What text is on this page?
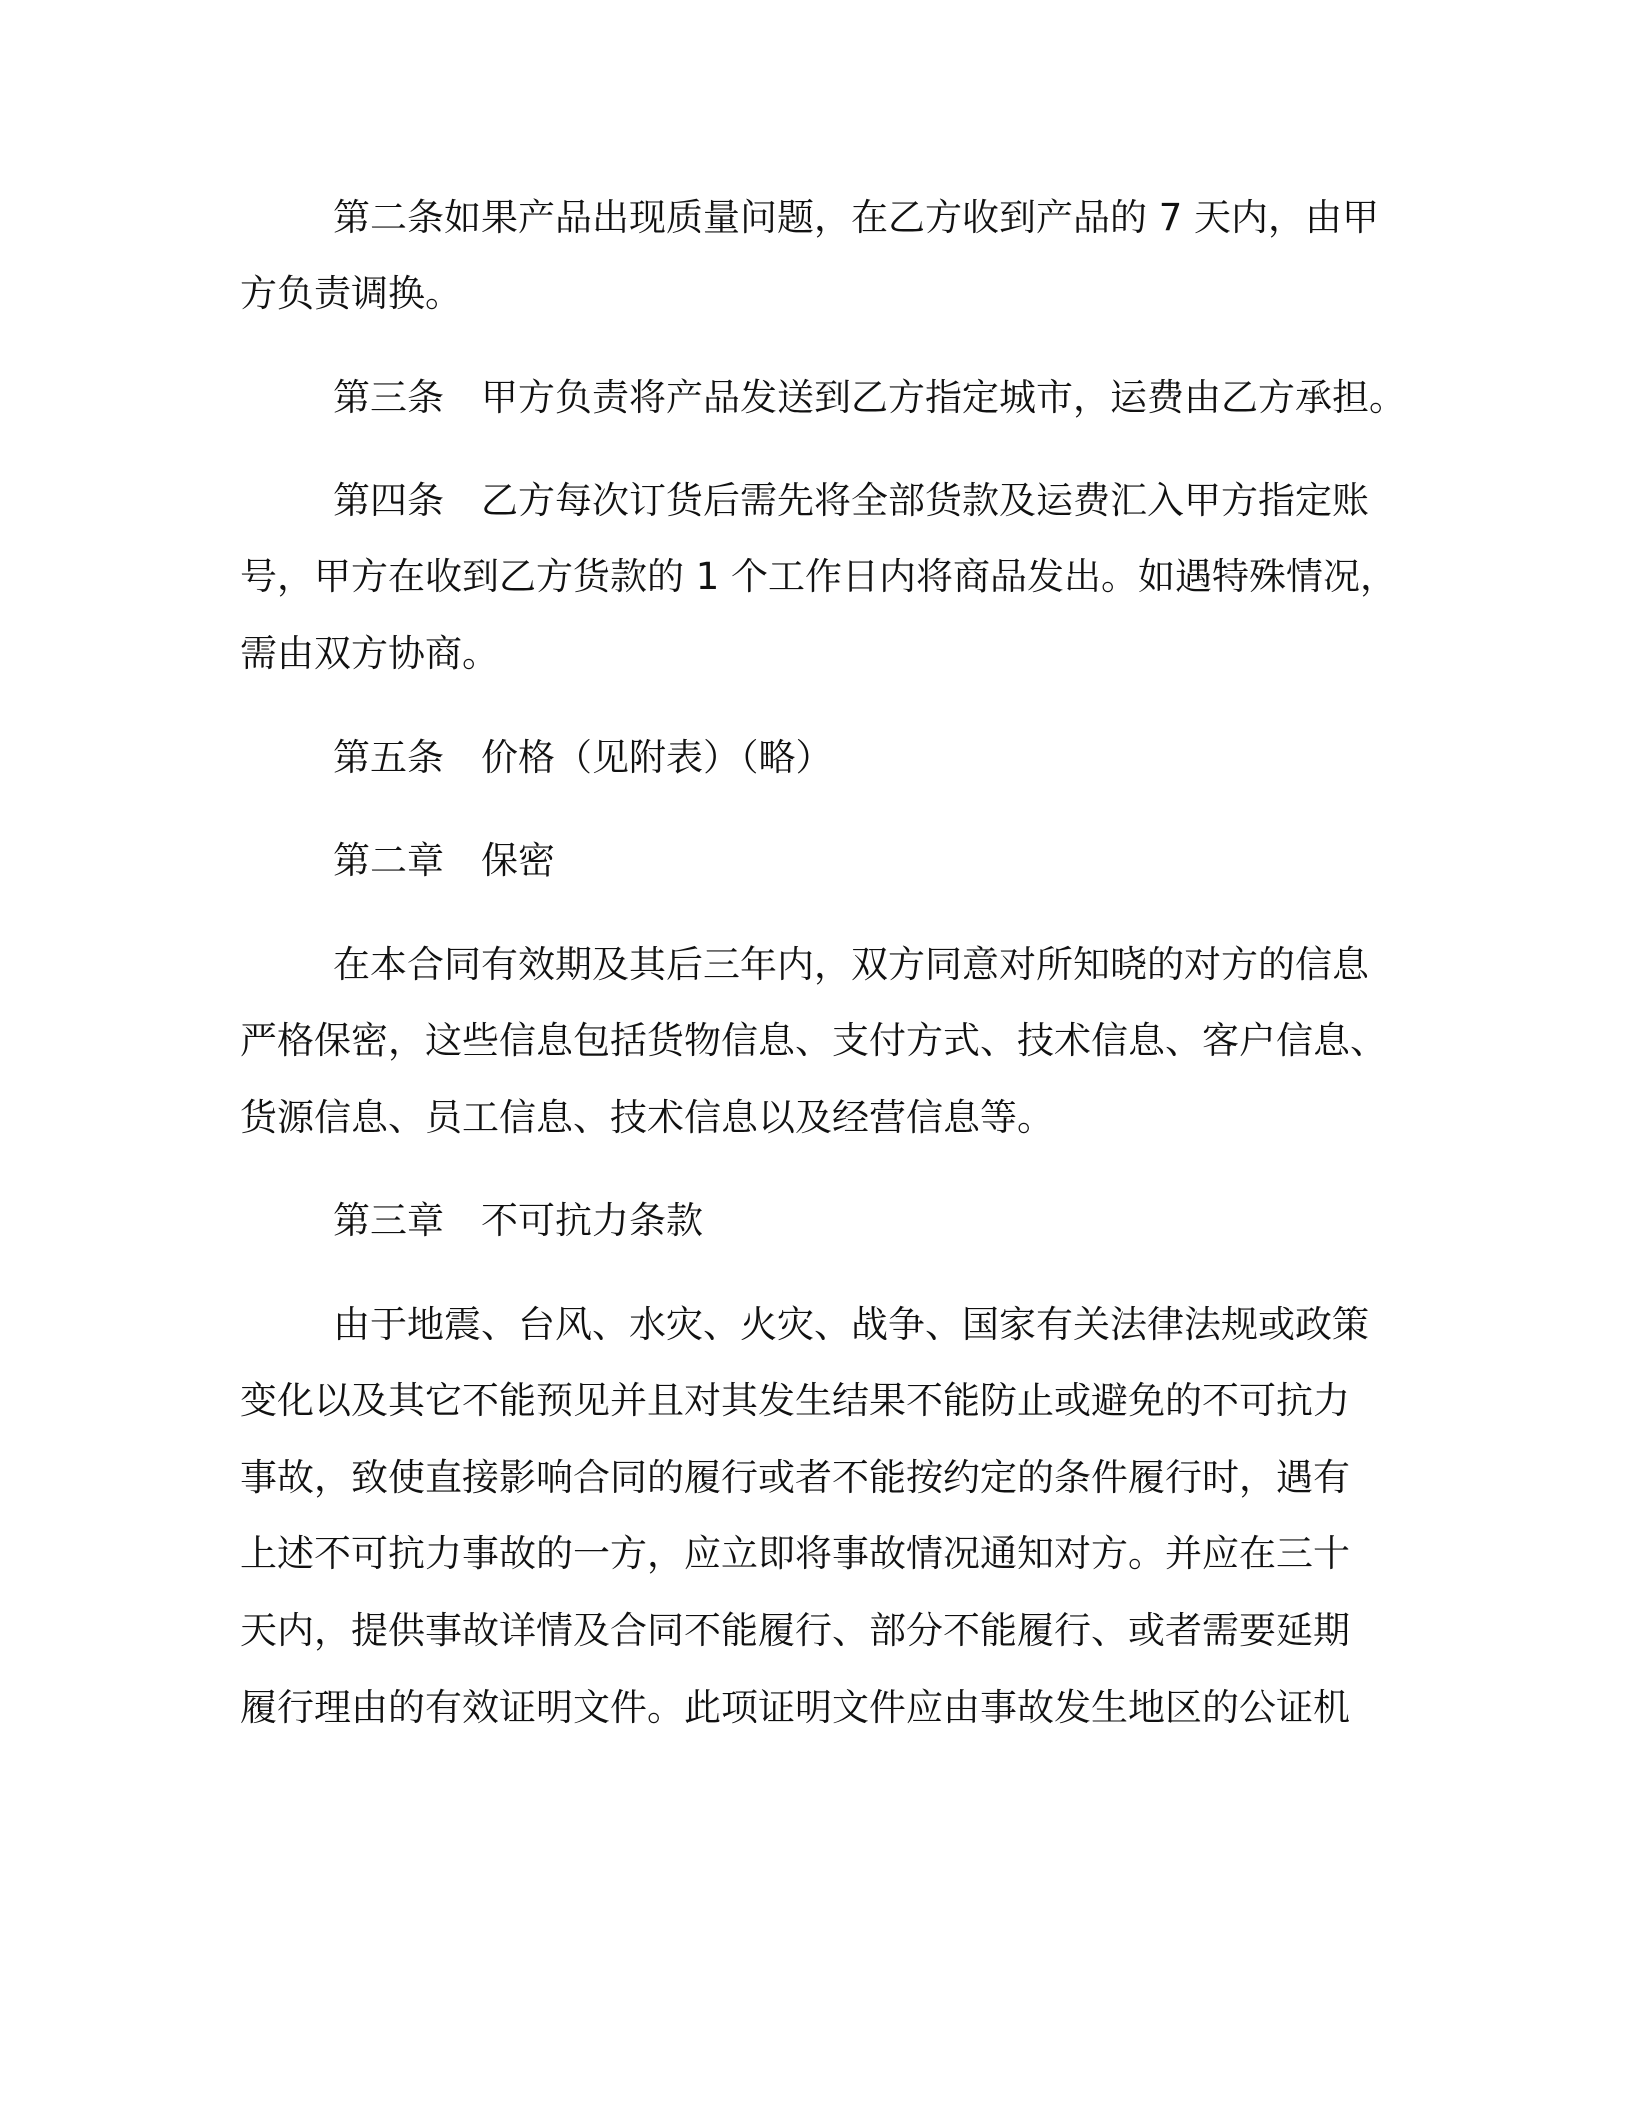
第二条如果产品出现质量问题，在乙方收到产品的 7 天内，由甲
方负责调换。
第三条　甲方负责将产品发送到乙方指定城市，运费由乙方承担。
第四条　乙方每次订货后需先将全部货款及运费汇入甲方指定账
号，甲方在收到乙方货款的 1 个工作日内将商品发出。如遇特殊情况，
需由双方协商。
第五条　价格（见附表）（略）
第二章　保密
在本合同有效期及其后三年内，双方同意对所知晓的对方的信息
严格保密，这些信息包括货物信息、支付方式、技术信息、客户信息、
货源信息、员工信息、技术信息以及经营信息等。
第三章　不可抗力条款
由于地震、台风、水灾、火灾、战争、国家有关法律法规或政策
变化以及其它不能预见并且对其发生结果不能防止或避免的不可抗力
事故，致使直接影响合同的履行或者不能按约定的条件履行时，遇有
上述不可抗力事故的一方，应立即将事故情况通知对方。并应在三十
天内，提供事故详情及合同不能履行、部分不能履行、或者需要延期
履行理由的有效证明文件。此项证明文件应由事故发生地区的公证机
